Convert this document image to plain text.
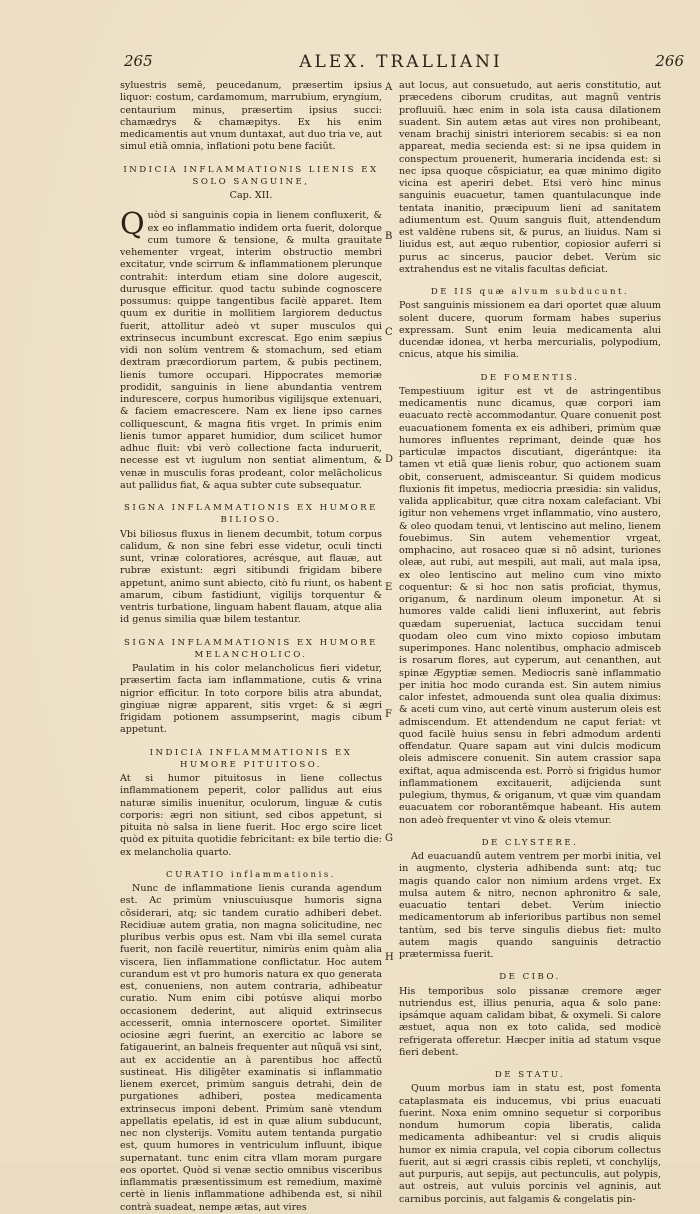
265	ALEX. TRALLIANI	266

syluestris semĕ, peucedanum, præsertim ipsius liquor: costum, cardamomum, marrubium, eryngium, centaurium minus, præsertim ipsius succi: chamædrys & chamæpitys. Ex his enim medicamentis aut vnum duntaxat, aut duo tria ve, aut simul etiã omnia, inflationi potu bene faciũt.

INDICIA INFLAMMATIONIS LIENIS EX SOLO SANGUINE,
Cap. XII.

Quòd si sanguinis copia in lienem confluxerit, & ex eo inflammatio indidem orta fuerit, dolorque cum tumore & tensione, & multa grauitate vehementer vrgeat, interim obstructio membri excitatur, vnde scirrum & inflammationem plerunque contrahit: interdum etiam sine dolore augescit, durusque efficitur. quod tactu subinde cognoscere possumus: quippe tangentibus facilè apparet. Item quum ex duritie in mollitiem largiorem deductus fuerit, attollitur adeò vt super musculos qui extrinsecus incumbunt excrescat. Ego enim sæpius vidi non solùm ventrem & stomachum, sed etiam dextram præcordiorum partem, & pubis pectinem, lienis tumore occupari. Hippocrates memoriæ prodidit, sanguinis in liene abundantia ventrem indurescere, corpus humoribus vigilijsque extenuari, & faciem emacrescere. Nam ex liene ipso carnes colliquescunt, & magna fitis vrget. In primis enim lienis tumor apparet humidior, dum scilicet humor adhuc fluit: vbi verò collectione facta induruerit, necesse est vt iugulum non sentiat alimentum, & venæ in musculis foras prodeant, color melãcholicus aut pallidus fiat, & aqua subter cute subsequatur.

SIGNA INFLAMMATIONIS EX HUMORE BILIOSO.

Vbi biliosus fluxus in lienem decumbit, totum corpus calidum, & non sine febri esse videtur, oculi tincti sunt, vrinæ coloratiores, acrésque, aut flauæ, aut rubræ existunt: ægri sitibundi frigidam bibere appetunt, animo sunt abiecto, citò fu riunt, os habent amarum, cibum fastidiunt, vigilijs torquentur & ventris turbatione, linguam habent flauam, atque alia id genus similia quæ bilem testantur.

SIGNA INFLAMMATIONIS EX HUMORE MELANCHOLICO.

Paulatim in his color melancholicus fieri videtur, præsertim facta iam inflammatione, cutis & vrina nigrior efficitur. In toto corpore bilis atra abundat, gingiuæ nigræ apparent, sitis vrget: & si ægri frigidam potionem assumpserint, magis cibum appetunt.

INDICIA INFLAMMATIONIS EX HUMORE PITUITOSO.

At si humor pituitosus in liene collectus inflammationem peperit, color pallidus aut eius naturæ similis inuenitur, oculorum, linguæ & cutis corporis: ægri non sitiunt, sed cibos appetunt, si pituita nò salsa in liene fuerit. Hoc ergo scire licet quòd ex pituita quotidie febricitant: ex bile tertio die: ex melancholia quarto.

CURATIO inflammationis.

Nunc de inflammatione lienis curanda agendum est. Ac primùm vniuscuiusque humoris signa cõsiderari, atq; sic tandem curatio adhiberi debet. Recidiuæ autem gratia, non magna solicitudine, nec pluribus verbis opus est. Nam vbi illa semel curata fuerit, non facilè reuertitur, nimirùs enim quàm alia viscera, lien inflammatione conflictatur. Hoc autem curandum est vt pro humoris natura ex quo generata est, conueniens, non autem contraria, adhibeatur curatio. Num enim cibi potúsve aliqui morbo occasionem dederint, aut aliquid extrinsecus accesserit, omnia internoscere oportet. Similiter ociosine ægri fuerint, an exercitio ac labore se fatigauerint, an balneis frequenter aut nũquã vsi sint, aut ex accidentie an à parentibus hoc affectũ sustineat. His diligẽter examinatis si inflammatio lienem exercet, primùm sanguis detrahi, dein de purgationes adhiberi, postea medicamenta extrinsecus imponi debent. Primùm sanè vtendum appellatis epelatis, id est in quæ alium subducunt, nec non clysterijs. Vomitu autem tentanda purgatio est, quum humores in ventriculum influunt, ibique supernatant. tunc enim citra vllam moram purgare eos oportet. Quòd si venæ sectio omnibus visceribus inflammatis præsentissimum est remedium, maximè certè in lienis inflammatione adhibenda est, si nihil contrà suadeat, nempe ætas, aut vires

A
B
C
D
E
F
G
H

aut locus, aut consuetudo, aut aeris constitutio, aut præcedens ciborum cruditas, aut magnũ ventris profluuiũ. hæc enim in sola ista causa dilationem suadent. Sin autem ætas aut vires non prohibeant, venam brachij sinistri interiorem secabis: si ea non appareat, media secienda est: si ne ipsa quidem in conspectum prouenerit, humeraria incidenda est: si nec ipsa quoque cõspiciatur, ea quæ minimo digito vicina est aperiri debet. Etsi verò hinc minus sanguinis euacuetur, tamen quantulacunque inde tentata inanitio, præcipuum lieni ad sanitatem adiumentum est. Quum sanguis fluit, attendendum est valdène rubens sit, & purus, an liuidus. Nam si liuidus est, aut æquo rubentior, copiosior auferri si purus ac sincerus, paucior debet. Verùm sic extrahendus est ne vitalis facultas deficiat.

DE IIS quæ alvum subducunt.

Post sanguinis missionem ea dari oportet quæ aluum solent ducere, quorum formam habes superius expressam. Sunt enim leuia medicamenta alui ducendæ idonea, vt herba mercurialis, polypodium, cnicus, atque his similia.

DE FOMENTIS.

Tempestiuum igitur est vt de astringentibus medicamentis nunc dicamus, quæ corpori iam euacuato rectè accommodantur. Quare conuenit post euacuationem fomenta ex eis adhiberi, primùm quæ humores influentes reprimant, deinde quæ hos particulæ impactos discutiant, digerántque: ita tamen vt etiã quæ lienis robur, quo actionem suam obit, conseruent, admisceantur. Si quidem modicus fluxionis fit impetus, mediocria præsidia: sin validus, valida applicabitur, quæ citra noxam calefaciant. Vbi igitur non vehemens vrget inflammatio, vino austero, & oleo quodam tenui, vt lentiscino aut melino, lienem fouebimus. Sin autem vehementior vrgeat, omphacino, aut rosaceo quæ si nõ adsint, turiones oleæ, aut rubi, aut mespili, aut mali, aut mala ipsa, ex oleo lentiscino aut melino cum vino mixto coquentur: & si hoc non satis proficiat, thymus, origanum, & nardinum oleum imponetur. At si humores valde calidi lieni influxerint, aut febris quædam superueniat, lactuca succidam tenui quodam oleo cum vino mixto copioso imbutam superimpones. Hanc nolentibus, omphacio admisceb is rosarum flores, aut cyperum, aut cenanthen, aut spinæ Ægyptiæ semen. Mediocris sanè inflammatio per initia hoc modo curanda est. Sin autem nimius calor infestet, admouenda sunt olea qualia diximus: & aceti cum vino, aut certè vinum austerum oleis est admiscendum. Et attendendum ne caput feriat: vt quod facilè huius sensu in febri admodum ardenti offendatur. Quare sapam aut vini dulcis modicum oleis admiscere conuenit. Sin autem crassior sapa exiftat, aqua admiscenda est. Porrò si frigidus humor inflammationem excitauerit, adijcienda sunt pulegium, thymus, & origanum, vt quæ vim quandam euacuatem cor roborantẽmque habeant. His autem non adeò frequenter vt vino & oleis vtemur.

DE CLYSTERE.

Ad euacuandũ autem ventrem per morbi initia, vel in augmento, clysteria adhibenda sunt: atq; tuc magis quando calor non nimium ardens vrget. Ex mulsa autem & nitro, necnon aphronitro & sale, euacuatio tentari debet. Verùm iniectio medicamentorum ab inferioribus partibus non semel tantùm, sed bis terve singulis diebus fiet: multo autem magis quando sanguinis detractio prætermissa fuerit.

DE CIBO.

His temporibus solo pissanæ cremore æger nutriendus est, illius penuria, aqua & solo pane: ipsámque aquam calidam bibat, & oxymeli. Si calore æstuet, aqua non ex toto calida, sed modicè refrigerata offeretur. Hæcper initia ad statum vsque fieri debent.

DE STATU.

Quum morbus iam in statu est, post fomenta cataplasmata eis inducemus, vbi prius euacuati fuerint. Noxa enim omnino sequetur si corporibus nondum humorum copia liberatis, calida medicamenta adhibeantur: vel si crudis aliquis humor ex nimia crapula, vel copia ciborum collectus fuerit, aut si ægri crassis cibis repleti, vt conchylijs, aut purpuris, aut sepijs, aut pectunculis, aut polypis, aut ostreis, aut vuluis porcinis vel agninis, aut carnibus porcinis, aut falgamis & congelatis pin-
